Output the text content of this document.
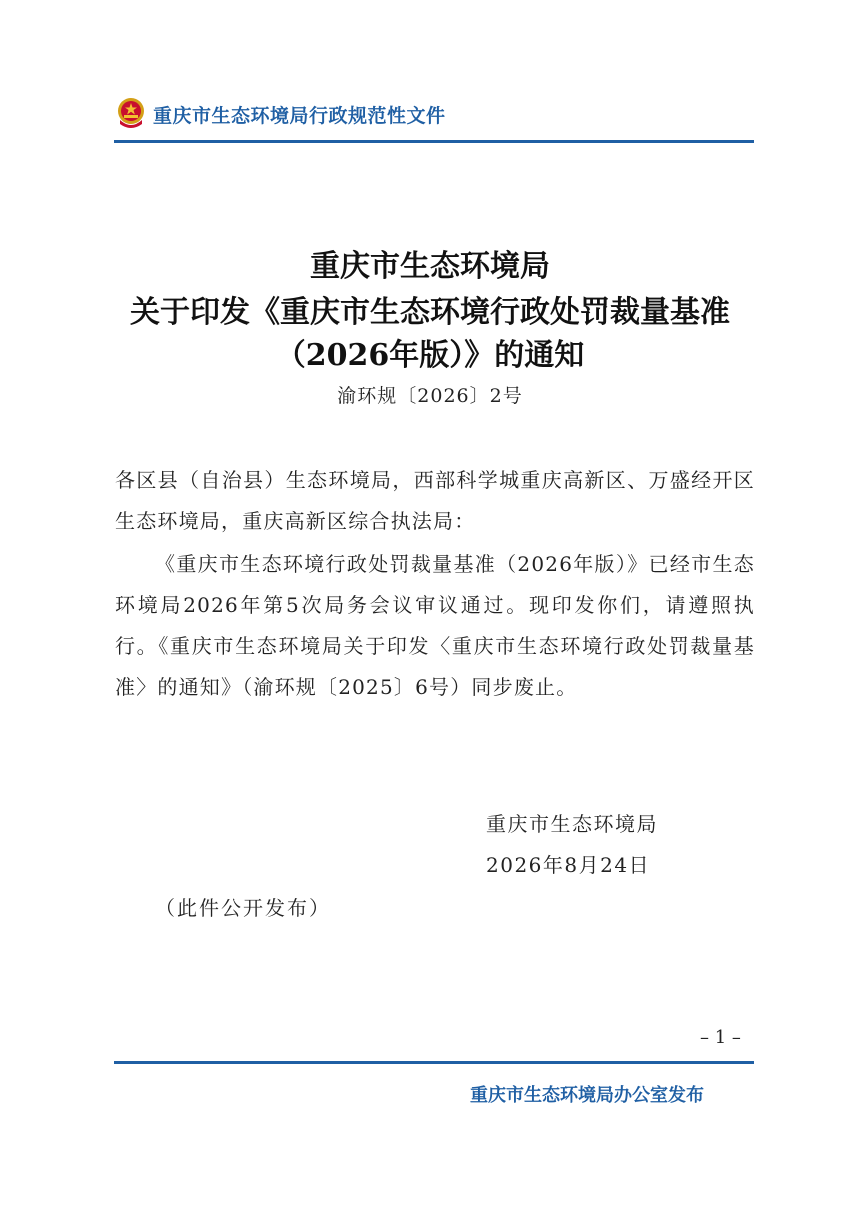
重庆市生态环境局行政规范性文件
重庆市生态环境局
关于印发《重庆市生态环境行政处罚裁量基准
（2026年版）》的通知
渝环规〔2026〕2号
各区县（自治县）生态环境局，西部科学城重庆高新区、万盛经开区生态环境局，重庆高新区综合执法局：
《重庆市生态环境行政处罚裁量基准（2026年版）》已经市生态环境局2026年第5次局务会议审议通过。现印发你们，请遵照执行。《重庆市生态环境局关于印发〈重庆市生态环境行政处罚裁量基准〉的通知》（渝环规〔2025〕6号）同步废止。
重庆市生态环境局
2026年8月24日
（此件公开发布）
– 1 –
重庆市生态环境局办公室发布
